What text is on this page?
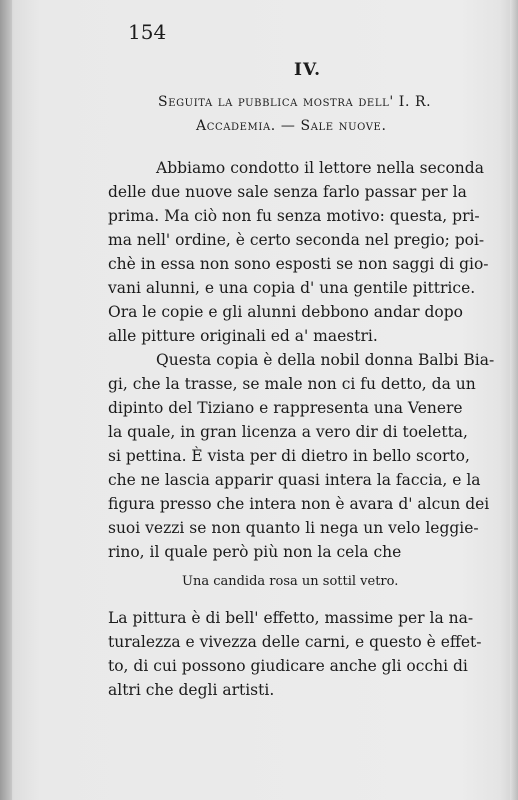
154
IV.
Seguita la pubblica mostra dell' I. R.
Accademia. — Sale nuove.
Abbiamo condotto il lettore nella seconda
delle due nuove sale senza farlo passar per la
prima. Ma ciò non fu senza motivo: questa, pri-
ma nell' ordine, è certo seconda nel pregio; poi-
chè in essa non sono esposti se non saggi di gio-
vani alunni, e una copia d' una gentile pittrice.
Ora le copie e gli alunni debbono andar dopo
alle pitture originali ed a' maestri.
Questa copia è della nobil donna Balbi Bia-
gi, che la trasse, se male non ci fu detto, da un
dipinto del Tiziano e rappresenta una Venere
la quale, in gran licenza a vero dir di toeletta,
si pettina. È vista per di dietro in bello scorto,
che ne lascia apparir quasi intera la faccia, e la
figura presso che intera non è avara d' alcun dei
suoi vezzi se non quanto li nega un velo leggie-
rino, il quale però più non la cela che
Una candida rosa un sottil vetro.
La pittura è di bell' effetto, massime per la na-
turalezza e vivezza delle carni, e questo è effet-
to, di cui possono giudicare anche gli occhi di
altri che degli artisti.
